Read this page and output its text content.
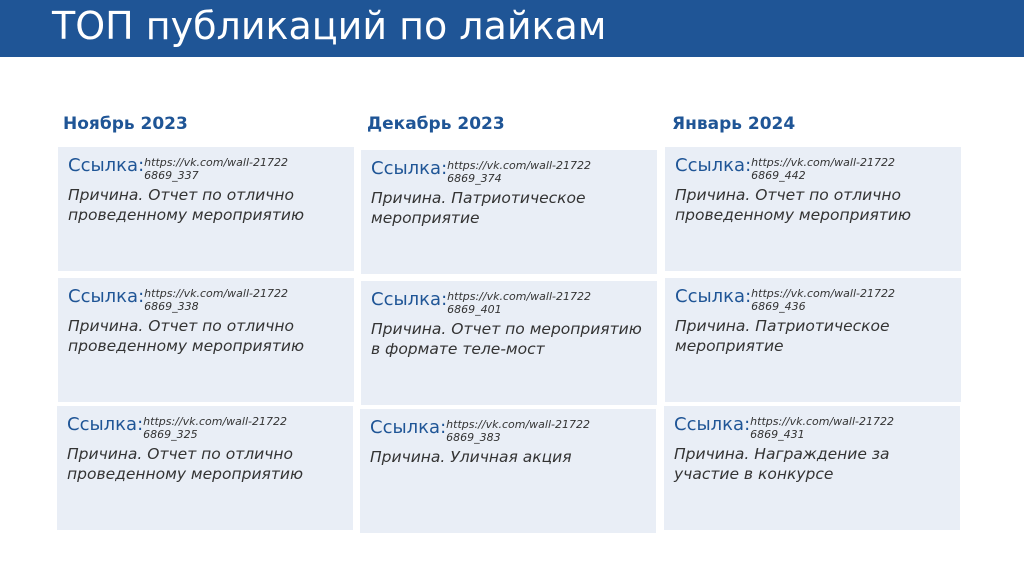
ТОП публикаций по лайкам
Ноябрь 2023
Ссылка:https://vk.com/wall-217226869_337
Причина. Отчет по отлично проведенному мероприятию
Ссылка:https://vk.com/wall-217226869_338
Причина. Отчет по отлично проведенному мероприятию
Ссылка:https://vk.com/wall-217226869_325
Причина. Отчет по отлично проведенному мероприятию
Декабрь 2023
Ссылка:https://vk.com/wall-217226869_374
Причина. Патриотическое мероприятие
Ссылка:https://vk.com/wall-217226869_401
Причина. Отчет по мероприятию в формате теле-мост
Ссылка:https://vk.com/wall-217226869_383
Причина. Уличная акция
Январь 2024
Ссылка:https://vk.com/wall-217226869_442
Причина. Отчет по отлично проведенному мероприятию
Ссылка:https://vk.com/wall-217226869_436
Причина. Патриотическое мероприятие
Ссылка:https://vk.com/wall-217226869_431
Причина. Награждение за участие в конкурсе
